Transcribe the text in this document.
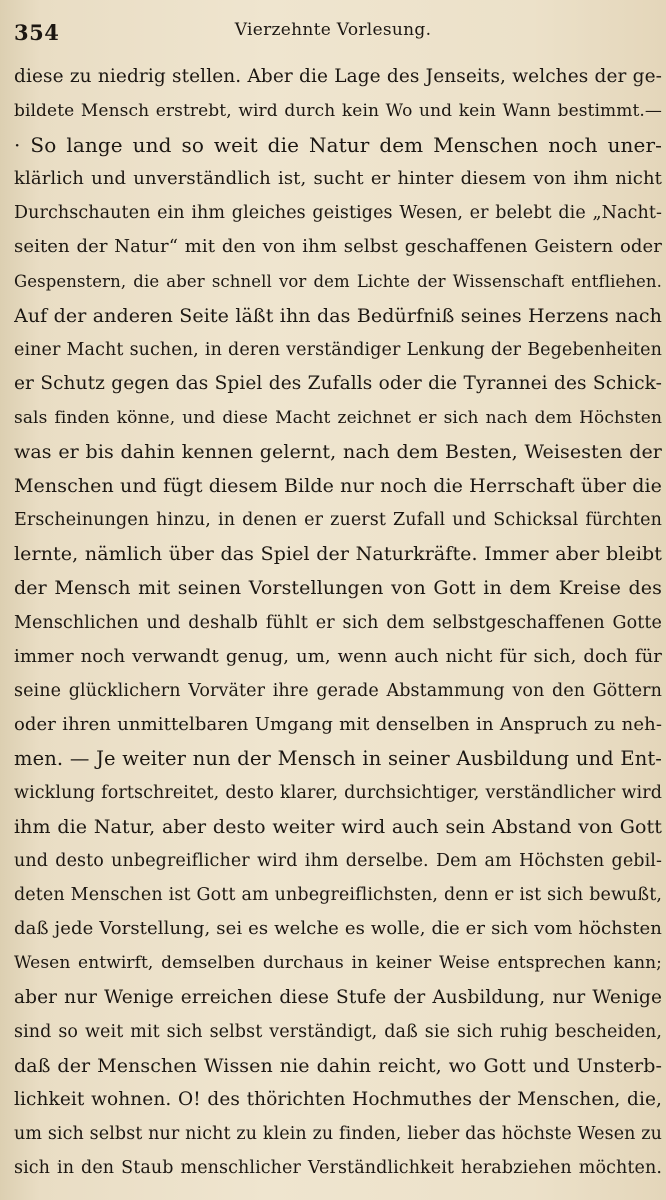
354	Vierzehnte Vorlesung.
diese zu niedrig stellen. Aber die Lage des Jenseits, welches der ge-
bildete Mensch erstrebt, wird durch kein Wo und kein Wann bestimmt.—
· So lange und so weit die Natur dem Menschen noch uner-
klärlich und unverständlich ist, sucht er hinter diesem von ihm nicht
Durchschauten ein ihm gleiches geistiges Wesen, er belebt die „Nacht-
seiten der Natur“ mit den von ihm selbst geschaffenen Geistern oder
Gespenstern, die aber schnell vor dem Lichte der Wissenschaft entfliehen.
Auf der anderen Seite läßt ihn das Bedürfniß seines Herzens nach
einer Macht suchen, in deren verständiger Lenkung der Begebenheiten
er Schutz gegen das Spiel des Zufalls oder die Tyrannei des Schick-
sals finden könne, und diese Macht zeichnet er sich nach dem Höchsten
was er bis dahin kennen gelernt, nach dem Besten, Weisesten der
Menschen und fügt diesem Bilde nur noch die Herrschaft über die
Erscheinungen hinzu, in denen er zuerst Zufall und Schicksal fürchten
lernte, nämlich über das Spiel der Naturkräfte. Immer aber bleibt
der Mensch mit seinen Vorstellungen von Gott in dem Kreise des
Menschlichen und deshalb fühlt er sich dem selbstgeschaffenen Gotte
immer noch verwandt genug, um, wenn auch nicht für sich, doch für
seine glücklichern Vorväter ihre gerade Abstammung von den Göttern
oder ihren unmittelbaren Umgang mit denselben in Anspruch zu neh-
men. — Je weiter nun der Mensch in seiner Ausbildung und Ent-
wicklung fortschreitet, desto klarer, durchsichtiger, verständlicher wird
ihm die Natur, aber desto weiter wird auch sein Abstand von Gott
und desto unbegreiflicher wird ihm derselbe. Dem am Höchsten gebil-
deten Menschen ist Gott am unbegreiflichsten, denn er ist sich bewußt,
daß jede Vorstellung, sei es welche es wolle, die er sich vom höchsten
Wesen entwirft, demselben durchaus in keiner Weise entsprechen kann;
aber nur Wenige erreichen diese Stufe der Ausbildung, nur Wenige
sind so weit mit sich selbst verständigt, daß sie sich ruhig bescheiden,
daß der Menschen Wissen nie dahin reicht, wo Gott und Unsterb-
lichkeit wohnen. O! des thörichten Hochmuthes der Menschen, die,
um sich selbst nur nicht zu klein zu finden, lieber das höchste Wesen zu
sich in den Staub menschlicher Verständlichkeit herabziehen möchten.
